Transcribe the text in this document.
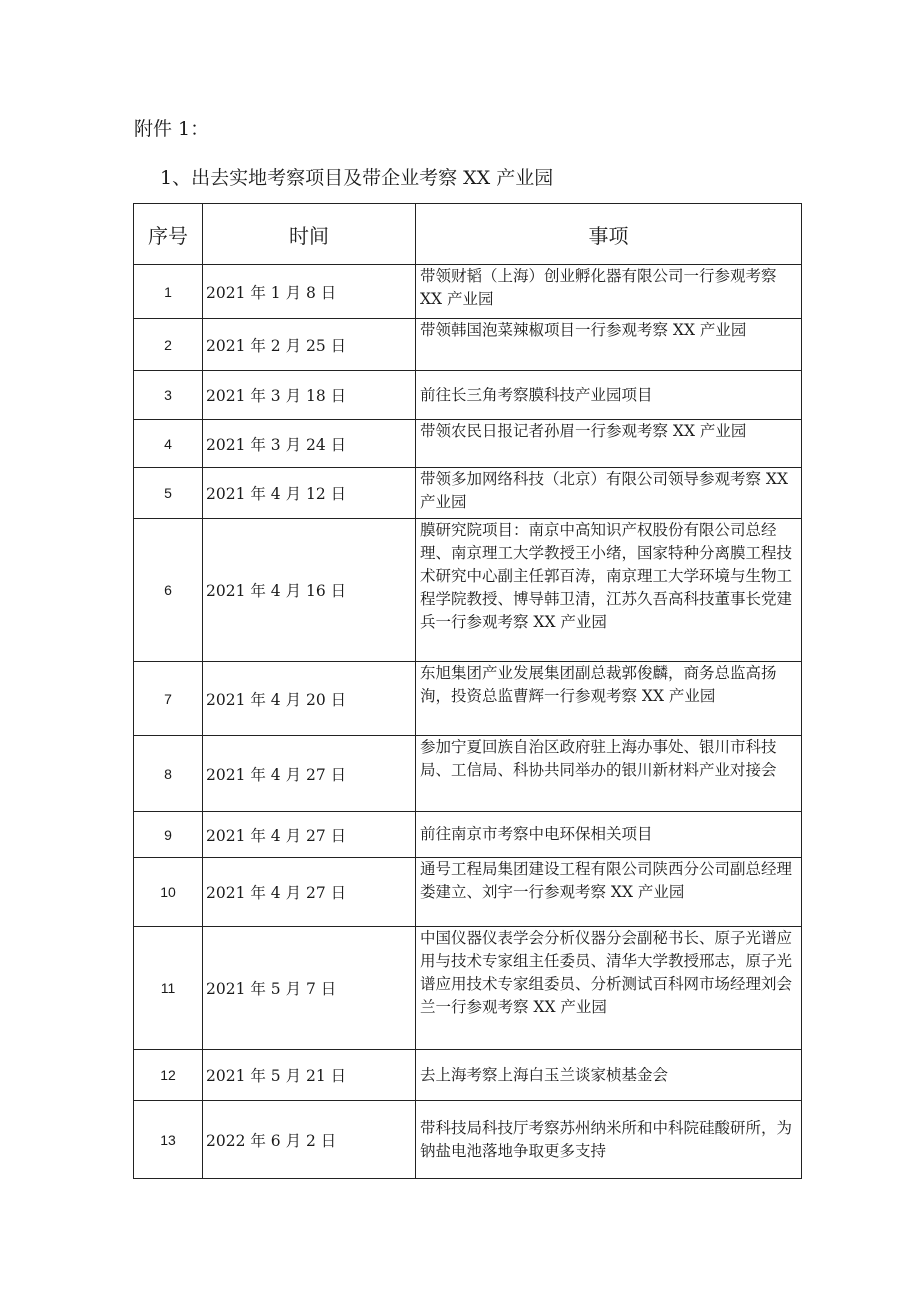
附件 1：
1、出去实地考察项目及带企业考察 XX 产业园
序号	时间	事项
1	2021 年 1 月 8 日	带领财韬（上海）创业孵化器有限公司一行参观考察 XX 产业园
2	2021 年 2 月 25 日	带领韩国泡菜辣椒项目一行参观考察 XX 产业园
3	2021 年 3 月 18 日	前往长三角考察膜科技产业园项目
4	2021 年 3 月 24 日	带领农民日报记者孙眉一行参观考察 XX 产业园
5	2021 年 4 月 12 日	带领多加网络科技（北京）有限公司领导参观考察 XX 产业园
6	2021 年 4 月 16 日	膜研究院项目：南京中高知识产权股份有限公司总经理、南京理工大学教授王小绪，国家特种分离膜工程技术研究中心副主任郭百涛，南京理工大学环境与生物工程学院教授、博导韩卫清，江苏久吾高科技董事长党建兵一行参观考察 XX 产业园
7	2021 年 4 月 20 日	东旭集团产业发展集团副总裁郭俊麟，商务总监高扬洵，投资总监曹辉一行参观考察 XX 产业园
8	2021 年 4 月 27 日	参加宁夏回族自治区政府驻上海办事处、银川市科技局、工信局、科协共同举办的银川新材料产业对接会
9	2021 年 4 月 27 日	前往南京市考察中电环保相关项目
10	2021 年 4 月 27 日	通号工程局集团建设工程有限公司陕西分公司副总经理娄建立、刘宇一行参观考察 XX 产业园
11	2021 年 5 月 7 日	中国仪器仪表学会分析仪器分会副秘书长、原子光谱应用与技术专家组主任委员、清华大学教授邢志，原子光谱应用技术专家组委员、分析测试百科网市场经理刘会兰一行参观考察 XX 产业园
12	2021 年 5 月 21 日	去上海考察上海白玉兰谈家桢基金会
13	2022 年 6 月 2 日	带科技局科技厅考察苏州纳米所和中科院硅酸研所，为钠盐电池落地争取更多支持
